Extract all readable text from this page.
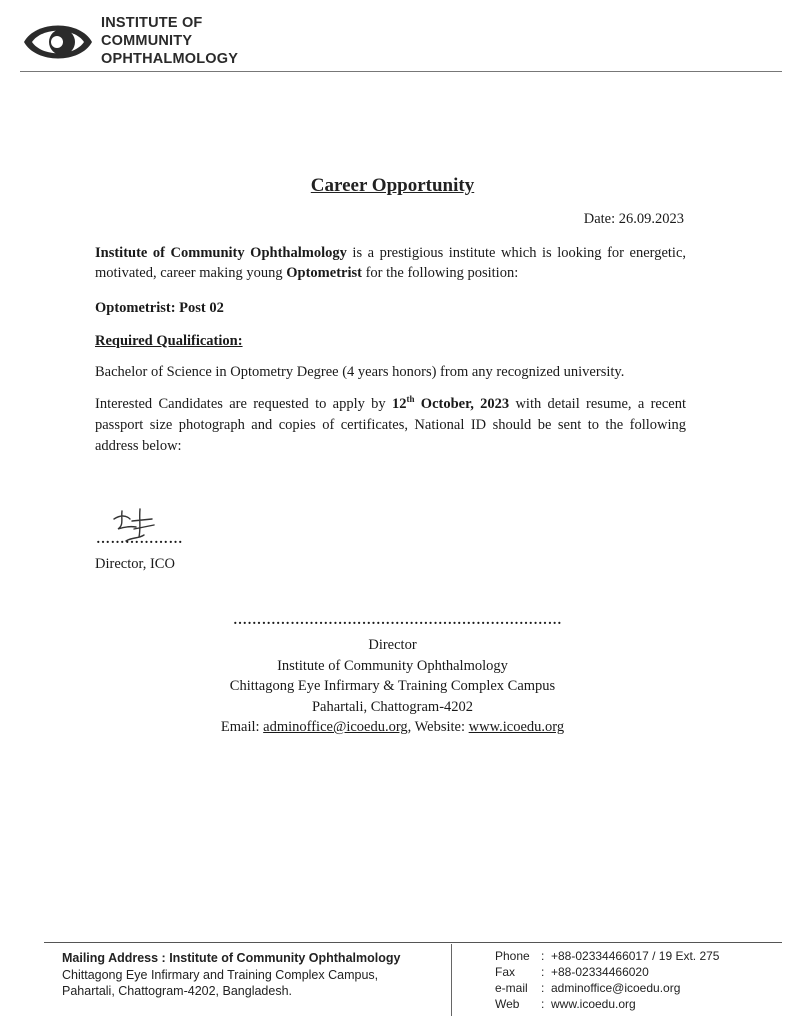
INSTITUTE OF
COMMUNITY
OPHTHALMOLOGY
Career Opportunity
Date: 26.09.2023
Institute of Community Ophthalmology is a prestigious institute which is looking for energetic, motivated, career making young Optometrist for the following position:
Optometrist: Post 02
Required Qualification:
Bachelor of Science in Optometry Degree (4 years honors) from any recognized university.
Interested Candidates are requested to apply by 12th October, 2023 with detail resume, a recent passport size photograph and copies of certificates, National ID should be sent to the following address below:
………………
Director, ICO
……………………………………………………………
Director
Institute of Community Ophthalmology
Chittagong Eye Infirmary & Training Complex Campus
Pahartali, Chattogram-4202
Email: adminoffice@icoedu.org, Website: www.icoedu.org
Mailing Address : Institute of Community Ophthalmology
Chittagong Eye Infirmary and Training Complex Campus,
Pahartali, Chattogram-4202, Bangladesh.
Phone : +88-02334466017 / 19 Ext. 275
Fax	: +88-02334466020
e-mail	: adminoffice@icoedu.org
Web	: www.icoedu.org
